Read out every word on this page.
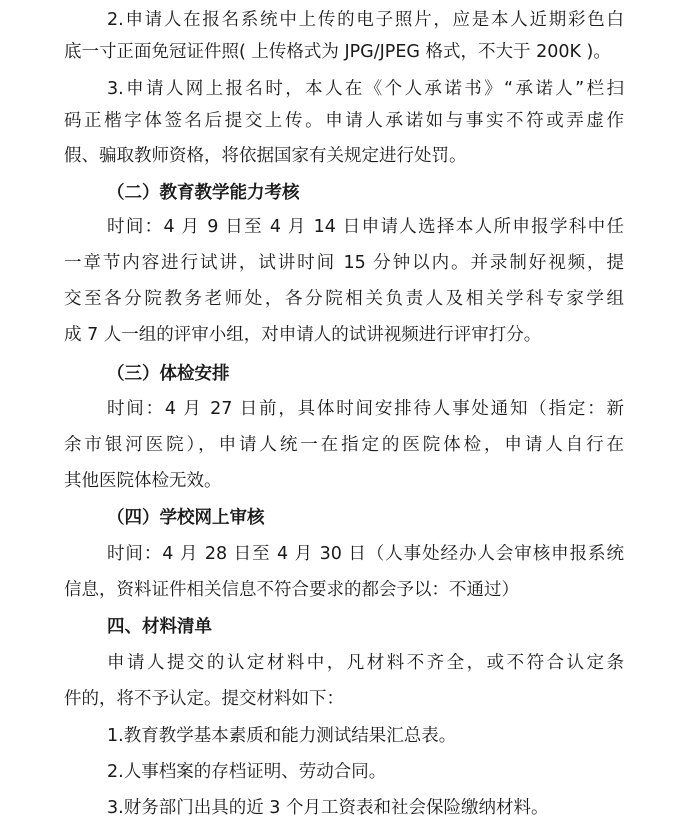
2.申请人在报名系统中上传的电子照片，应是本人近期彩色白
底一寸正面免冠证件照( 上传格式为 JPG/JPEG 格式，不大于 200K )。
3.申请人网上报名时，本人在《个人承诺书》“承诺人”栏扫
码正楷字体签名后提交上传。申请人承诺如与事实不符或弄虚作
假、骗取教师资格，将依据国家有关规定进行处罚。
（二）教育教学能力考核
时间：4 月 9 日至 4 月 14 日申请人选择本人所申报学科中任
一章节内容进行试讲，试讲时间 15 分钟以内。并录制好视频，提
交至各分院教务老师处，各分院相关负责人及相关学科专家学组
成 7 人一组的评审小组，对申请人的试讲视频进行评审打分。
（三）体检安排
时间：4 月 27 日前，具体时间安排待人事处通知（指定：新
余市银河医院），申请人统一在指定的医院体检，申请人自行在
其他医院体检无效。
（四）学校网上审核
时间：4 月 28 日至 4 月 30 日（人事处经办人会审核申报系统
信息，资料证件相关信息不符合要求的都会予以：不通过）
四、材料清单
申请人提交的认定材料中，凡材料不齐全，或不符合认定条
件的，将不予认定。提交材料如下：
1.教育教学基本素质和能力测试结果汇总表。
2.人事档案的存档证明、劳动合同。
3.财务部门出具的近 3 个月工资表和社会保险缴纳材料。
